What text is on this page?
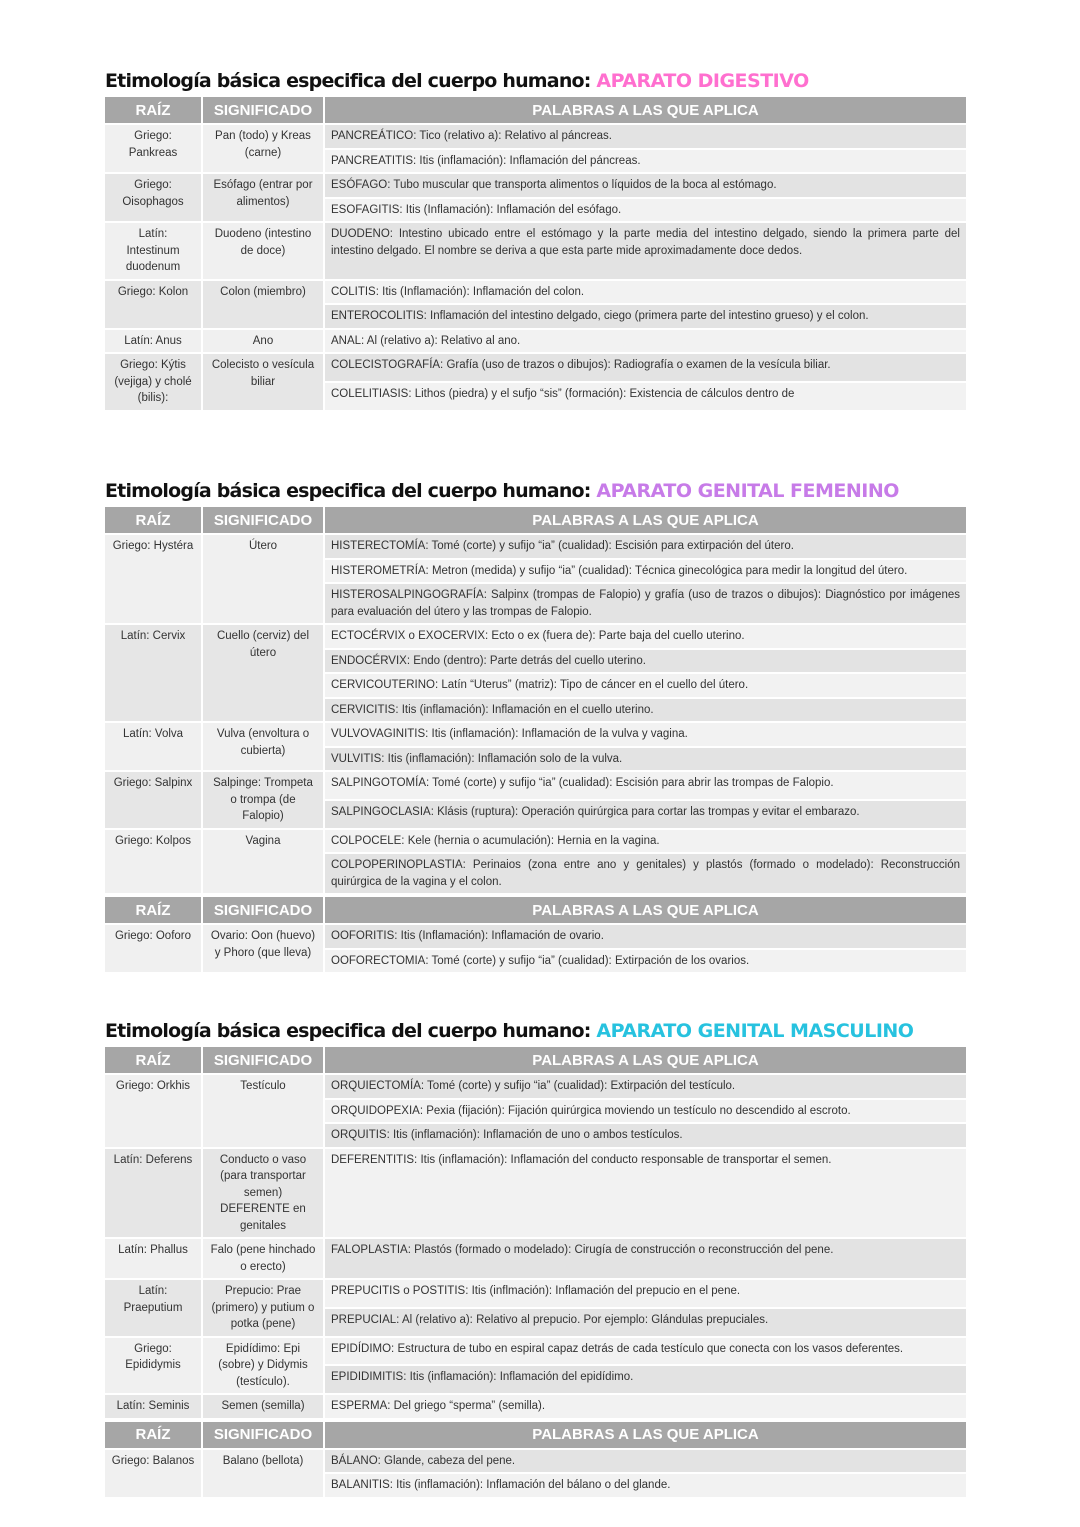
Etimología básica especifica del cuerpo humano: APARATO DIGESTIVO
RAÍZ	SIGNIFICADO	PALABRAS A LAS QUE APLICA
Griego: Pankreas	Pan (todo) y Kreas (carne)	PANCREÁTICO: Tico (relativo a): Relativo al páncreas.
		PANCREATITIS: Itis (inflamación): Inflamación del páncreas.
Griego: Oisophagos	Esófago (entrar por alimentos)	ESÓFAGO: Tubo muscular que transporta alimentos o líquidos de la boca al estómago.
		ESOFAGITIS: Itis (Inflamación): Inflamación del esófago.
Latín: Intestinum duodenum	Duodeno (intestino de doce)	DUODENO: Intestino ubicado entre el estómago y la parte media del intestino delgado, siendo la primera parte del intestino delgado. El nombre se deriva a que esta parte mide aproximadamente doce dedos.
Griego: Kolon	Colon (miembro)	COLITIS: Itis (Inflamación): Inflamación del colon.
		ENTEROCOLITIS: Inflamación del intestino delgado, ciego (primera parte del intestino grueso) y el colon.
Latín: Anus	Ano	ANAL: Al (relativo a): Relativo al ano.
Griego: Kýtis (vejiga) y cholé (bilis):	Colecisto o vesícula biliar	COLECISTOGRAFÍA: Grafía (uso de trazos o dibujos): Radiografía o examen de la vesícula biliar.
		COLELITIASIS: Lithos (piedra) y el sufjo “sis” (formación): Existencia de cálculos dentro de
Etimología básica especifica del cuerpo humano: APARATO GENITAL FEMENINO
RAÍZ	SIGNIFICADO	PALABRAS A LAS QUE APLICA
Griego: Hystéra	Útero	HISTERECTOMÍA: Tomé (corte) y sufijo “ia” (cualidad): Escisión para extirpación del útero.
		HISTEROMETRÍA: Metron (medida) y sufijo “ia” (cualidad): Técnica ginecológica para medir la longitud del útero.
		HISTEROSALPINGOGRAFÍA: Salpinx (trompas de Falopio) y grafía (uso de trazos o dibujos): Diagnóstico por imágenes para evaluación del útero y las trompas de Falopio.
Latín: Cervix	Cuello (cerviz) del útero	ECTOCÉRVIX o EXOCERVIX: Ecto o ex (fuera de): Parte baja del cuello uterino.
		ENDOCÉRVIX: Endo (dentro): Parte detrás del cuello uterino.
		CERVICOUTERINO: Latín “Uterus” (matriz): Tipo de cáncer en el cuello del útero.
		CERVICITIS: Itis (inflamación): Inflamación en el cuello uterino.
Latín: Volva	Vulva (envoltura o cubierta)	VULVOVAGINITIS: Itis (inflamación): Inflamación de la vulva y vagina.
		VULVITIS: Itis (inflamación): Inflamación solo de la vulva.
Griego: Salpinx	Salpinge: Trompeta o trompa (de Falopio)	SALPINGOTOMÍA: Tomé (corte) y sufijo “ia” (cualidad): Escisión para abrir las trompas de Falopio.
		SALPINGOCLASIA: Klásis (ruptura): Operación quirúrgica para cortar las trompas y evitar el embarazo.
Griego: Kolpos	Vagina	COLPOCELE: Kele (hernia o acumulación): Hernia en la vagina.
		COLPOPERINOPLASTIA: Perinaios (zona entre ano y genitales) y plastós (formado o modelado): Reconstrucción quirúrgica de la vagina y el colon.
RAÍZ	SIGNIFICADO	PALABRAS A LAS QUE APLICA
Griego: Ooforo	Ovario: Oon (huevo) y Phoro (que lleva)	OOFORITIS: Itis (Inflamación): Inflamación de ovario.
		OOFORECTOMIA: Tomé (corte) y sufijo “ia” (cualidad): Extirpación de los ovarios.
Etimología básica especifica del cuerpo humano: APARATO GENITAL MASCULINO
RAÍZ	SIGNIFICADO	PALABRAS A LAS QUE APLICA
Griego: Orkhis	Testículo	ORQUIECTOMÍA: Tomé (corte) y sufijo “ia” (cualidad): Extirpación del testículo.
		ORQUIDOPEXIA: Pexia (fijación): Fijación quirúrgica moviendo un testículo no descendido al escroto.
		ORQUITIS: Itis (inflamación): Inflamación de uno o ambos testículos.
Latín: Deferens	Conducto o vaso (para transportar semen) DEFERENTE en genitales	DEFERENTITIS: Itis (inflamación): Inflamación del conducto responsable de transportar el semen.
Latín: Phallus	Falo (pene hinchado o erecto)	FALOPLASTIA: Plastós (formado o modelado): Cirugía de construcción o reconstrucción del pene.
Latín: Praeputium	Prepucio: Prae (primero) y putium o potka (pene)	PREPUCITIS o POSTITIS: Itis (inflmación): Inflamación del prepucio en el pene.
		PREPUCIAL: Al (relativo a): Relativo al prepucio. Por ejemplo: Glándulas prepuciales.
Griego: Epididymis	Epidídimo: Epi (sobre) y Didymis (testículo).	EPIDÍDIMO: Estructura de tubo en espiral capaz detrás de cada testículo que conecta con los vasos deferentes.
		EPIDIDIMITIS: Itis (inflamación): Inflamación del epidídimo.
Latín: Seminis	Semen (semilla)	ESPERMA: Del griego “sperma” (semilla).
RAÍZ	SIGNIFICADO	PALABRAS A LAS QUE APLICA
Griego: Balanos	Balano (bellota)	BÁLANO: Glande, cabeza del pene.
		BALANITIS: Itis (inflamación): Inflamación del bálano o del glande.
